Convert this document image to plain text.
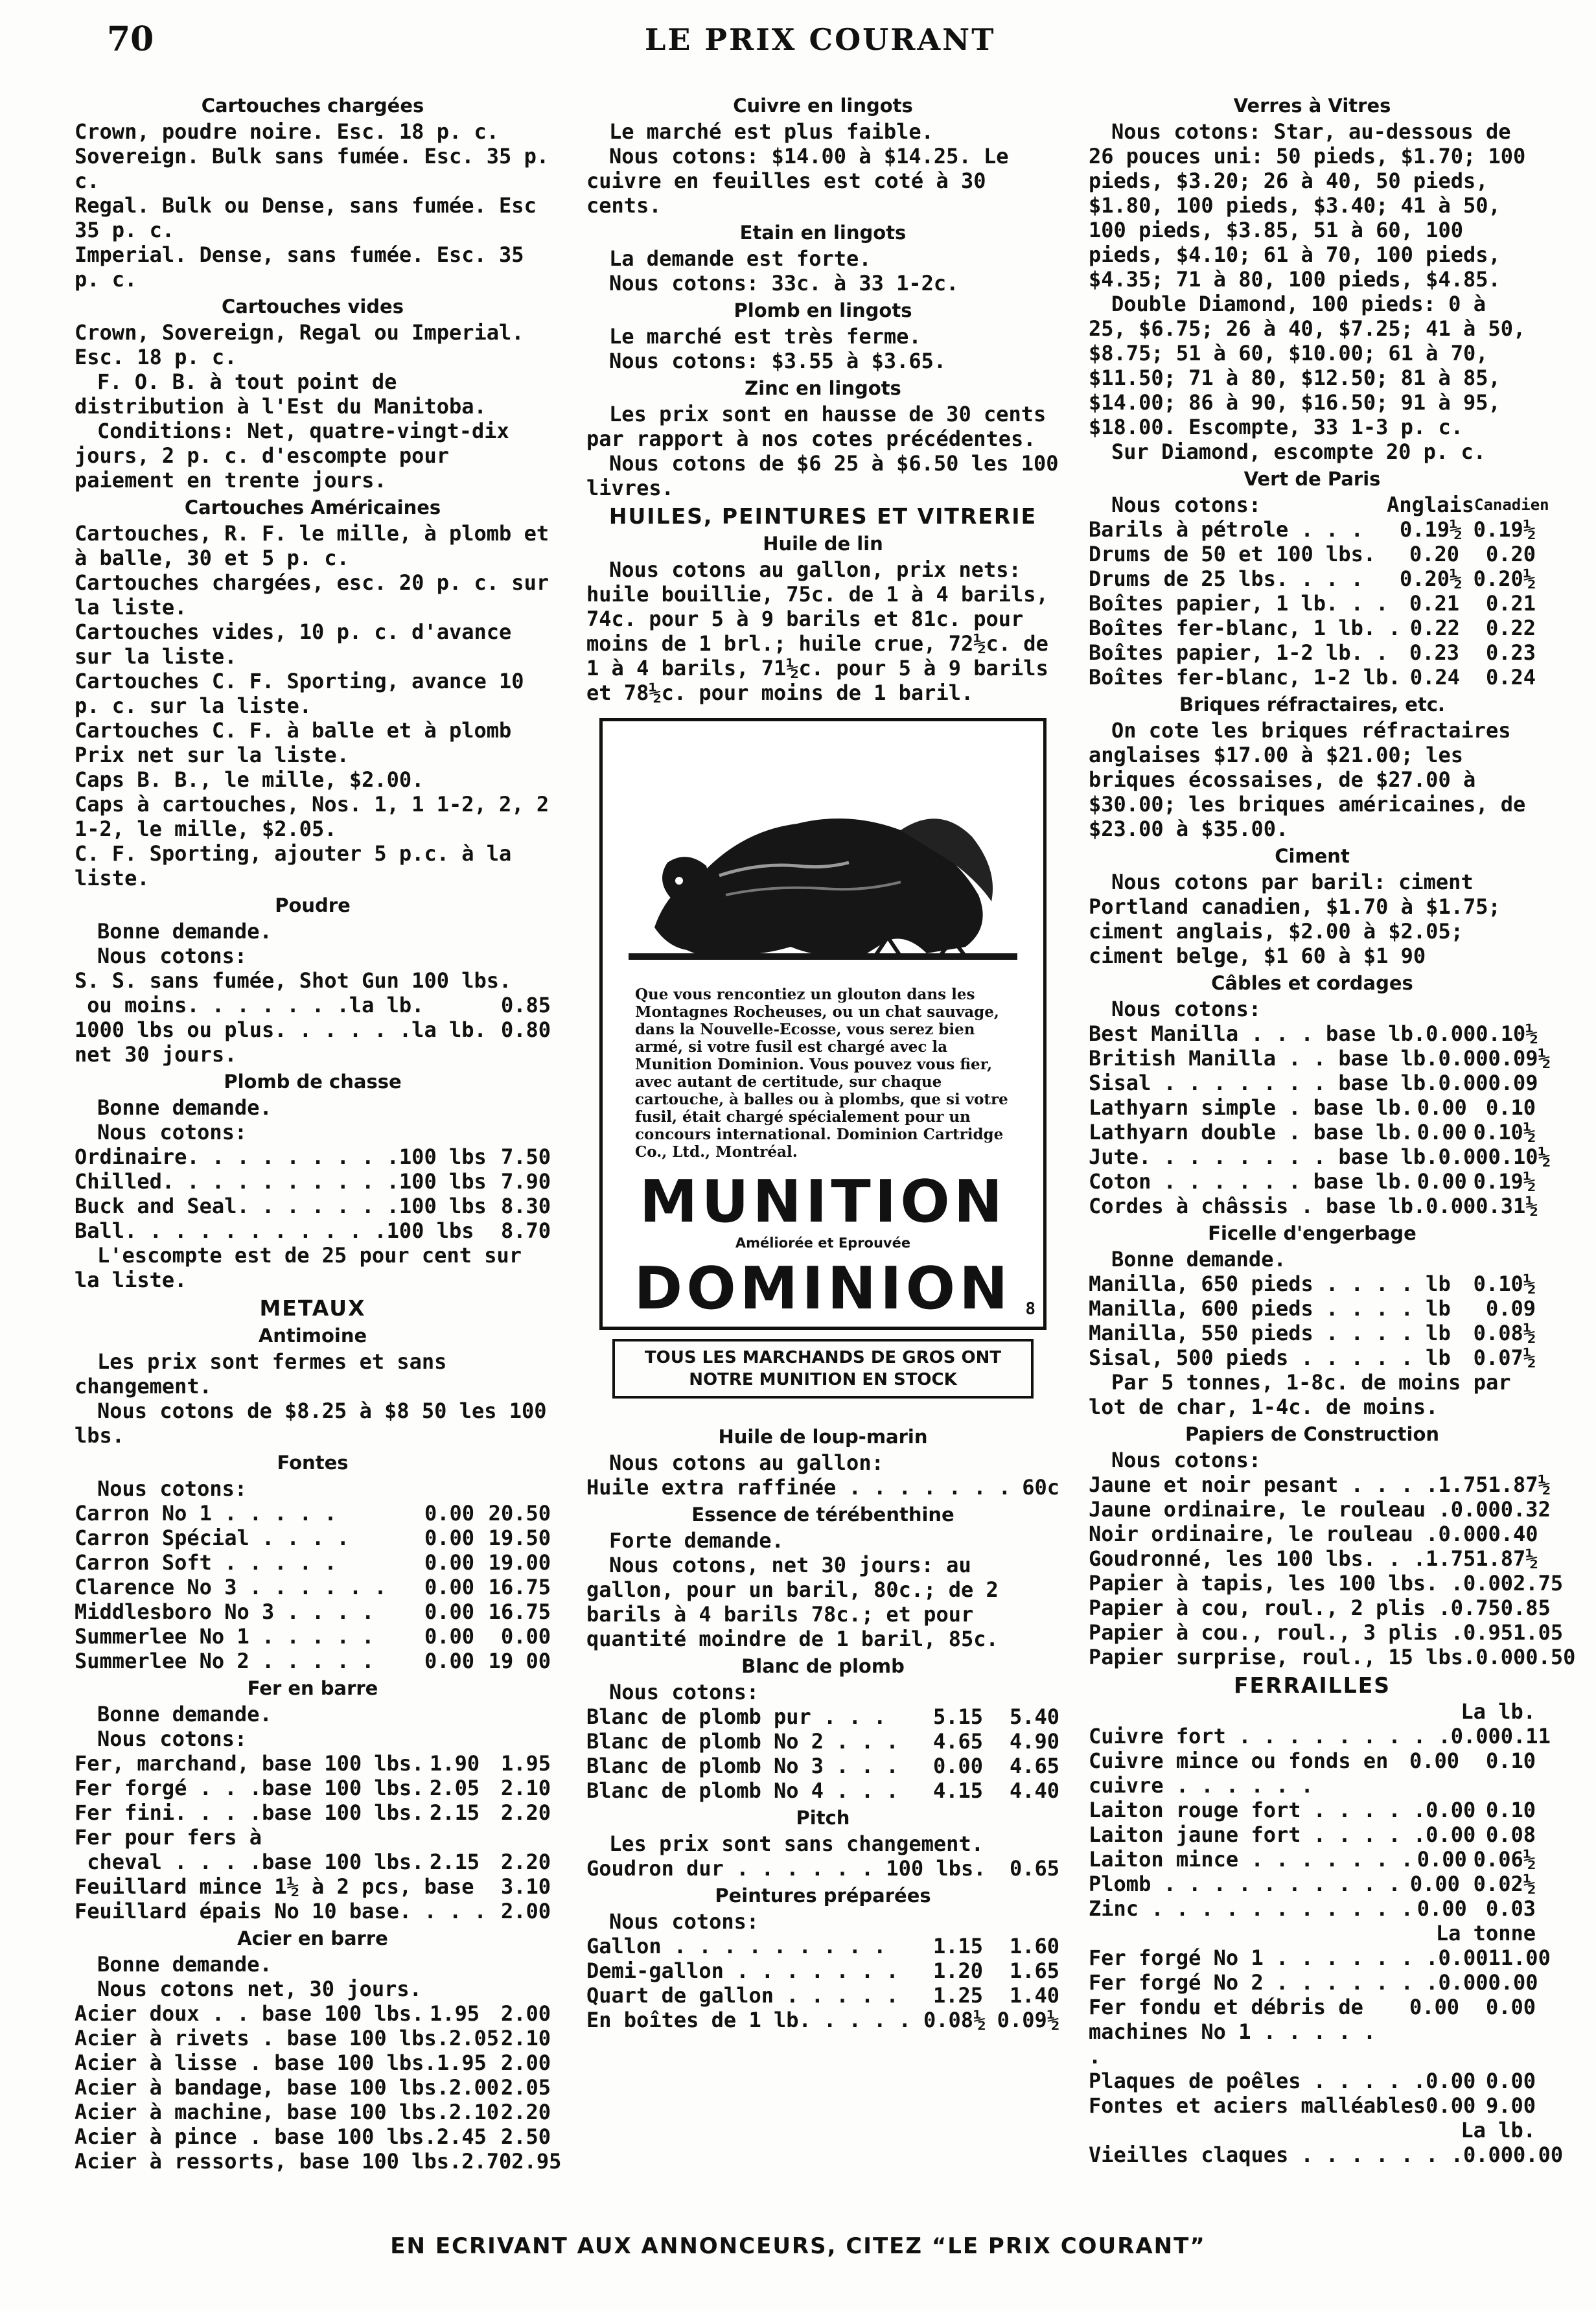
70	LE PRIX COURANT
Cartouches chargées

Crown, poudre noire. Esc. 18 p. c.

Sovereign. Bulk sans fumée. Esc. 35 p. c.

Regal. Bulk ou Dense, sans fumée. Esc 35 p. c.

Imperial. Dense, sans fumée. Esc. 35 p. c.

Cartouches vides

Crown, Sovereign, Regal ou Imperial. Esc. 18 p. c.

F. O. B. à tout point de distribution à l'Est du Manitoba.

Conditions: Net, quatre-vingt-dix jours, 2 p. c. d'escompte pour paiement en trente jours.

Cartouches Américaines

Cartouches, R. F. le mille, à plomb et à balle, 30 et 5 p. c.

Cartouches chargées, esc. 20 p. c. sur la liste.

Cartouches vides, 10 p. c. d'avance sur la liste.

Cartouches C. F. Sporting, avance 10 p. c. sur la liste.

Cartouches C. F. à balle et à plomb Prix net sur la liste.

Caps B. B., le mille, $2.00.

Caps à cartouches, Nos. 1, 1 1-2, 2, 2 1-2, le mille, $2.05.

C. F. Sporting, ajouter 5 p.c. à la liste.

Poudre

Bonne demande.

Nous cotons:

S. S. sans fumée, Shot Gun 100 lbs.

ou moins. . . . . . .la lb.	0.85
1000 lbs ou plus. . . . . .la lb. 0.80

net 30 jours.

Plomb de chasse

Bonne demande.

Nous cotons:

Ordinaire. . . . . . . . .100 lbs 7.50
Chilled. . . . . . . . . .100 lbs 7.90
Buck and Seal. . . . . . .100 lbs 8.30
Ball. . . . . . . . . . .100 lbs	8.70

L'escompte est de 25 pour cent sur la liste.

METAUX
Antimoine

Les prix sont fermes et sans changement.

Nous cotons de $8.25 à $8 50 les 100 lbs.

Fontes

Nous cotons:

Carron No 1 . . . . .	0.00 20.50
Carron Spécial . . . .	0.00 19.50
Carron Soft . . . . .	0.00 19.00
Clarence No 3 . . . . . .	0.00 16.75
Middlesboro No 3 . . . .	0.00 16.75
Summerlee No 1 . . . . .	0.00	0.00
Summerlee No 2 . . . . .	0.00 19 00
Fer en barre

Bonne demande.

Nous cotons:

Fer, marchand, base 100 lbs. 1.90	1.95
Fer forgé . . .base 100 lbs. 2.05	2.10
Fer fini. . . .base 100 lbs. 2.15	2.20

Fer pour fers à

cheval . . . .base 100 lbs. 2.15	2.20
Feuillard mince 1½ à 2 pcs, base	3.10
Feuillard épais No 10 base. . . . 2.00
Acier en barre

Bonne demande.

Nous cotons net, 30 jours.

Acier doux . . base 100 lbs. 1.95	2.00
Acier à rivets . base 100 lbs. 2.05 2.10
Acier à lisse . base 100 lbs. 1.95 2.00
Acier à bandage, base 100 lbs. 2.00 2.05
Acier à machine, base 100 lbs. 2.10 2.20
Acier à pince . base 100 lbs. 2.45 2.50
Acier à ressorts, base 100 lbs. 2.70 2.95
Cuivre en lingots

Le marché est plus faible.

Nous cotons: $14.00 à $14.25. Le cuivre en feuilles est coté à 30 cents.

Etain en lingots

La demande est forte.

Nous cotons: 33c. à 33 1-2c.

Plomb en lingots

Le marché est très ferme.

Nous cotons: $3.55 à $3.65.

Zinc en lingots

Les prix sont en hausse de 30 cents par rapport à nos cotes précédentes.

Nous cotons de $6 25 à $6.50 les 100 livres.

HUILES, PEINTURES ET VITRERIE
Huile de lin

Nous cotons au gallon, prix nets: huile bouillie, 75c. de 1 à 4 barils, 74c. pour 5 à 9 barils et 81c. pour moins de 1 brl.; huile crue, 72½c. de 1 à 4 barils, 71½c. pour 5 à 9 barils et 78½c. pour moins de 1 baril.

Que vous rencontiez un glouton dans les Montagnes Rocheuses, ou un chat sauvage, dans la Nouvelle-Ecosse, vous serez bien armé, si votre fusil est chargé avec la Munition Dominion. Vous pouvez vous fier, avec autant de certitude, sur chaque cartouche, à balles ou à plombs, que si votre fusil, était chargé spécialement pour un concours international. Dominion Cartridge Co., Ltd., Montréal.
MUNITION
Améliorée et Eprouvée
DOMINION 8
TOUS LES MARCHANDS DE GROS ONT NOTRE MUNITION EN STOCK
Huile de loup-marin

Nous cotons au gallon:

Huile extra raffinée . . . . . . . 60c
Essence de térébenthine

Forte demande.

Nous cotons, net 30 jours: au gallon, pour un baril, 80c.; de 2 barils à 4 barils 78c.; et pour quantité moindre de 1 baril, 85c.

Blanc de plomb

Nous cotons:

Blanc de plomb pur . . .	5.15	5.40
Blanc de plomb No 2 . . .	4.65	4.90
Blanc de plomb No 3 . . .	0.00	4.65
Blanc de plomb No 4 . . .	4.15	4.40
Pitch

Les prix sont sans changement.

Goudron dur . . . . . . 100 lbs.	0.65
Peintures préparées

Nous cotons:

Gallon . . . . . . . . .	1.15	1.60
Demi-gallon . . . . . . .	1.20	1.65
Quart de gallon . . . . .	1.25	1.40
En boîtes de 1 lb. . . . . 0.08½ 0.09½
Verres à Vitres

Nous cotons: Star, au-dessous de 26 pouces uni: 50 pieds, $1.70; 100 pieds, $3.20; 26 à 40, 50 pieds, $1.80, 100 pieds, $3.40; 41 à 50, 100 pieds, $3.85, 51 à 60, 100 pieds, $4.10; 61 à 70, 100 pieds, $4.35; 71 à 80, 100 pieds, $4.85.

Double Diamond, 100 pieds: 0 à 25, $6.75; 26 à 40, $7.25; 41 à 50, $8.75; 51 à 60, $10.00; 61 à 70, $11.50; 71 à 80, $12.50; 81 à 85, $14.00; 86 à 90, $16.50; 91 à 95, $18.00. Escompte, 33 1-3 p. c.

Sur Diamond, escompte 20 p. c.

Vert de Paris
Nous cotons:	Anglais Canadien
Barils à pétrole . . .	0.19½ 0.19½
Drums de 50 et 100 lbs.	0.20	0.20
Drums de 25 lbs. . . .	0.20½ 0.20½
Boîtes papier, 1 lb. . .	0.21	0.21
Boîtes fer-blanc, 1 lb. . 0.22	0.22
Boîtes papier, 1-2 lb. .	0.23	0.23
Boîtes fer-blanc, 1-2 lb. 0.24	0.24
Briques réfractaires, etc.

On cote les briques réfractaires anglaises $17.00 à $21.00; les briques écossaises, de $27.00 à $30.00; les briques américaines, de $23.00 à $35.00.

Ciment

Nous cotons par baril: ciment Portland canadien, $1.70 à $1.75; ciment anglais, $2.00 à $2.05; ciment belge, $1 60 à $1 90

Câbles et cordages

Nous cotons:

Best Manilla . . . base lb. 0.00 0.10½
British Manilla . . base lb. 0.00 0.09½
Sisal . . . . . . . base lb. 0.00 0.09
Lathyarn simple . base lb. 0.00 0.10
Lathyarn double . base lb. 0.00 0.10½
Jute. . . . . . . . base lb. 0.00 0.10½
Coton . . . . . . base lb. 0.00 0.19½
Cordes à châssis . base lb. 0.00 0.31½
Ficelle d'engerbage

Bonne demande.

Manilla, 650 pieds . . . . lb	0.10½
Manilla, 600 pieds . . . . lb	0.09
Manilla, 550 pieds . . . . lb	0.08½
Sisal, 500 pieds . . . . . lb	0.07½

Par 5 tonnes, 1-8c. de moins par lot de char, 1-4c. de moins.

Papiers de Construction

Nous cotons:

Jaune et noir pesant . . . . 1.75 1.87½
Jaune ordinaire, le rouleau . 0.00 0.32
Noir ordinaire, le rouleau . 0.00 0.40
Goudronné, les 100 lbs. . . 1.75 1.87½
Papier à tapis, les 100 lbs. . 0.00 2.75
Papier à cou, roul., 2 plis . 0.75 0.85
Papier à cou., roul., 3 plis . 0.95 1.05
Papier surprise, roul., 15 lbs. 0.00 0.50
FERRAILLES

La lb.

Cuivre fort . . . . . . . . . 0.00 0.11
Cuivre mince ou fonds en cuivre . . . . . .
0.00	0.10
Laiton rouge fort . . . . . 0.00 0.10
Laiton jaune fort . . . . . 0.00 0.08
Laiton mince . . . . . . . 0.00 0.06½
Plomb . . . . . . . . . . 0.00 0.02½
Zinc . . . . . . . . . . . 0.00 0.03

La tonne

Fer forgé No 1 . . . . . . . 0.00 11.00
Fer forgé No 2 . . . . . . . 0.00 0.00
Fer fondu et débris de machines No 1 . . . . . .
0.00	0.00
Plaques de poêles . . . . . 0.00 0.00
Fontes et aciers malléables 0.00 9.00

La lb.

Vieilles claques . . . . . . . 0.00 0.00
EN ECRIVANT AUX ANNONCEURS, CITEZ “LE PRIX COURANT”
